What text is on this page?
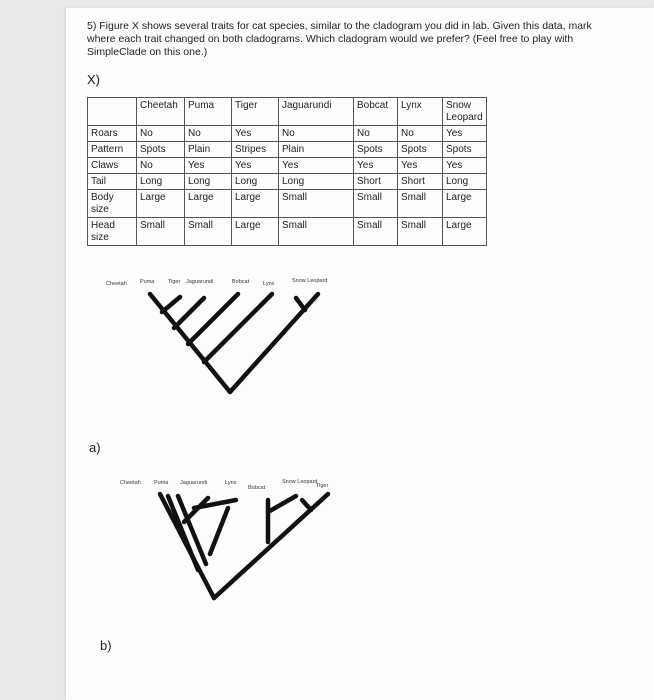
5) Figure X shows several traits for cat species, similar to the cladogram you did in lab. Given this data, mark where each trait changed on both cladograms. Which cladogram would we prefer? (Feel free to play with SimpleClade on this one.)
X)
	Cheetah	Puma	Tiger	Jaguarundi	Bobcat	Lynx	Snow Leopard
Roars	No	No	Yes	No	No	No	Yes
Pattern	Spots	Plain	Stripes	Plain	Spots	Spots	Spots
Claws	No	Yes	Yes	Yes	Yes	Yes	Yes
Tail	Long	Long	Long	Long	Short	Short	Long
Body size	Large	Large	Large	Small	Small	Small	Large
Head size	Small	Small	Large	Small	Small	Small	Large
Cheetah Puma Tiger Jaguarundi	Bobcat	Lynx	Snow Leopard
a)
Cheetah Puma Jaguarundi	Lynx
Bobcat
Snow Leopard
Tiger
b)
